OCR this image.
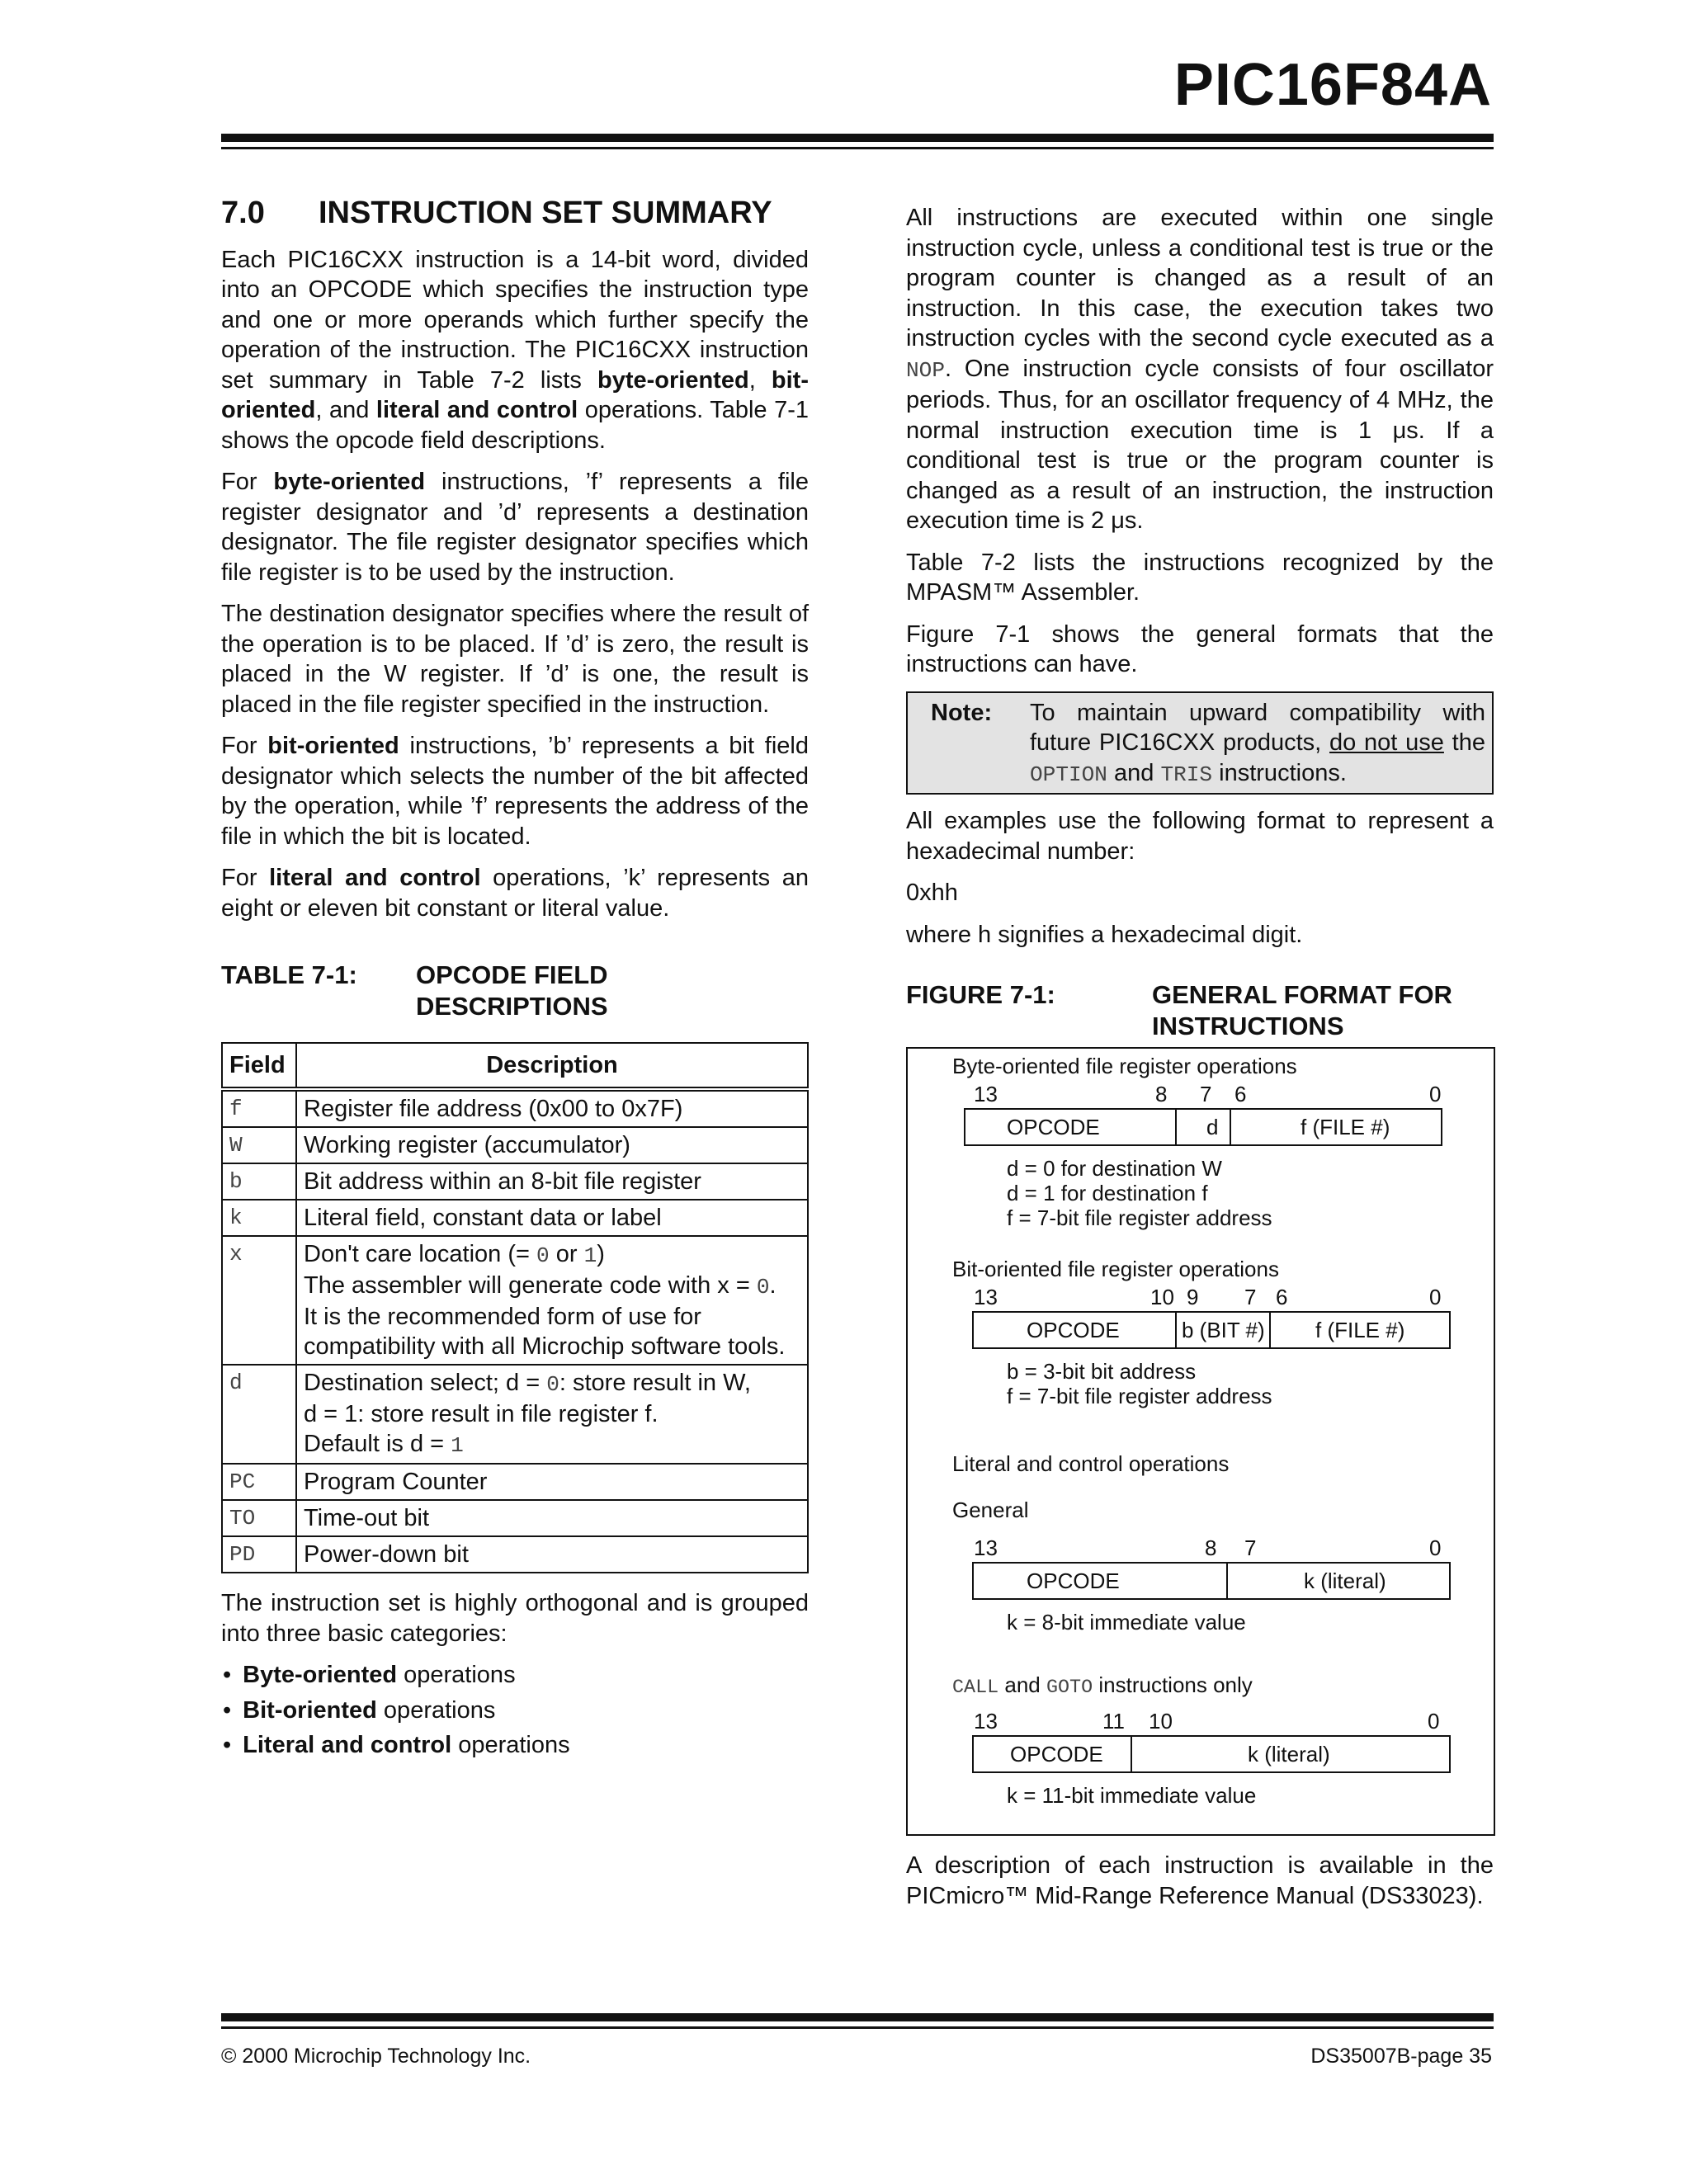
PIC16F84A
7.0 INSTRUCTION SET SUMMARY

Each PIC16CXX instruction is a 14-bit word, divided into an OPCODE which specifies the instruction type and one or more operands which further specify the operation of the instruction. The PIC16CXX instruction set summary in Table 7-2 lists byte-oriented, bit-oriented, and literal and control operations. Table 7-1 shows the opcode field descriptions.

For byte-oriented instructions, ’f’ represents a file register designator and ’d’ represents a destination designator. The file register designator specifies which file register is to be used by the instruction.

The destination designator specifies where the result of the operation is to be placed. If ’d’ is zero, the result is placed in the W register. If ’d’ is one, the result is placed in the file register specified in the instruction.

For bit-oriented instructions, ’b’ represents a bit field designator which selects the number of the bit affected by the operation, while ’f’ represents the address of the file in which the bit is located.

For literal and control operations, ’k’ represents an eight or eleven bit constant or literal value.

TABLE 7-1:	OPCODE FIELD
DESCRIPTIONS
Field	Description
f	Register file address (0x00 to 0x7F)
W	Working register (accumulator)
b	Bit address within an 8-bit file register
k	Literal field, constant data or label
x	Don't care location (= 0 or 1)
The assembler will generate code with x = 0.
It is the recommended form of use for compatibility with all Microchip software tools.
d	Destination select; d = 0: store result in W,
d = 1: store result in file register f.
Default is d = 1
PC	Program Counter
TO	Time-out bit
PD	Power-down bit

The instruction set is highly orthogonal and is grouped into three basic categories:

• Byte-oriented operations
• Bit-oriented operations
• Literal and control operations

All instructions are executed within one single instruction cycle, unless a conditional test is true or the program counter is changed as a result of an instruction. In this case, the execution takes two instruction cycles with the second cycle executed as a NOP. One instruction cycle consists of four oscillator periods. Thus, for an oscillator frequency of 4 MHz, the normal instruction execution time is 1 μs. If a conditional test is true or the program counter is changed as a result of an instruction, the instruction execution time is 2 μs.

Table 7-2 lists the instructions recognized by the MPASM™ Assembler.

Figure 7-1 shows the general formats that the instructions can have.

Note:	To maintain upward compatibility with future PIC16CXX products, do not use the OPTION and TRIS instructions.

All examples use the following format to represent a hexadecimal number:

0xhh

where h signifies a hexadecimal digit.

FIGURE 7-1:	GENERAL FORMAT FOR
INSTRUCTIONS
Byte-oriented file register operations
13	8 7 6	0
OPCODE	d	f (FILE #)
d = 0 for destination W
d = 1 for destination f
f = 7-bit file register address
Bit-oriented file register operations
13	10 9 7 6	0
OPCODE	b (BIT #) f (FILE #)
b = 3-bit bit address
f = 7-bit file register address
Literal and control operations
General
13	8 7	0
OPCODE	k (literal)
k = 8-bit immediate value
CALL and GOTO instructions only
13	11 10	0
OPCODE	k (literal)
k = 11-bit immediate value

A description of each instruction is available in the PICmicro™ Mid-Range Reference Manual (DS33023).

© 2000 Microchip Technology Inc.	DS35007B-page 35
